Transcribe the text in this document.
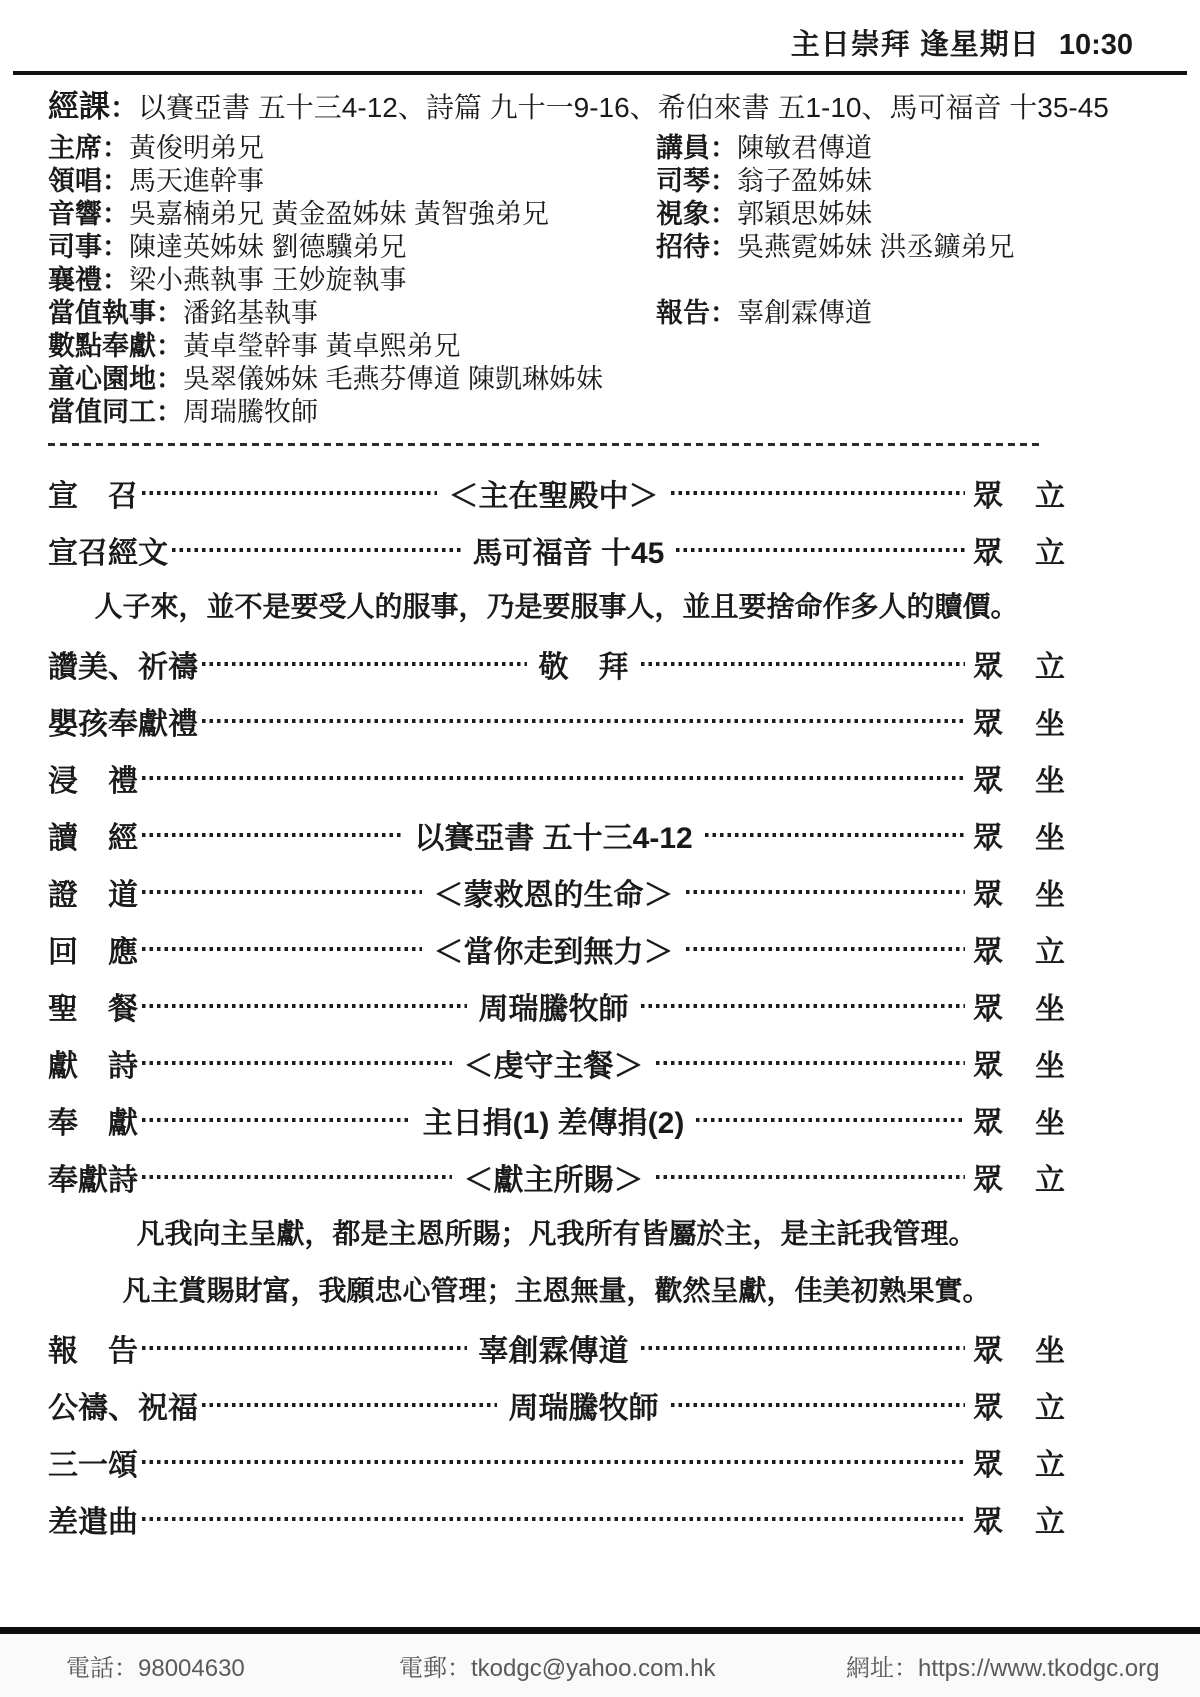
主日崇拜 逢星期日 10:30
經課：以賽亞書 五十三4-12、詩篇 九十一9-16、希伯來書 五1-10、馬可福音 十35-45
主席：黃俊明弟兄	講員：陳敏君傳道
領唱：馬天進幹事	司琴：翁子盈姊妹
音響：吳嘉楠弟兄 黃金盈姊妹 黃智強弟兄	視象：郭穎思姊妹
司事：陳達英姊妹 劉德驥弟兄	招待：吳燕霓姊妹 洪丞鑛弟兄
襄禮：梁小燕執事 王妙旋執事
當值執事：潘銘基執事	報告：辜創霖傳道
數點奉獻：黃卓瑩幹事 黃卓熙弟兄
童心園地：吳翠儀姊妹 毛燕芬傳道 陳凱琳姊妹
當值同工：周瑞騰牧師
宣　召	＜主在聖殿中＞	眾 立
宣召經文	馬可福音 十45	眾 立
人子來，並不是要受人的服事，乃是要服事人，並且要捨命作多人的贖價。
讚美、祈禱	敬　拜	眾 立
嬰孩奉獻禮	眾 坐
浸　禮	眾 坐
讀　經	以賽亞書 五十三4-12	眾 坐
證　道	＜蒙救恩的生命＞	眾 坐
回　應	＜當你走到無力＞	眾 立
聖　餐	周瑞騰牧師	眾 坐
獻　詩	＜虔守主餐＞	眾 坐
奉　獻	主日捐(1) 差傳捐(2)	眾 坐
奉獻詩	＜獻主所賜＞	眾 立
凡我向主呈獻，都是主恩所賜；凡我所有皆屬於主，是主託我管理。
凡主賞賜財富，我願忠心管理；主恩無量，歡然呈獻，佳美初熟果實。
報　告	辜創霖傳道	眾 坐
公禱、祝福	周瑞騰牧師	眾 立
三一頌	眾 立
差遣曲	眾 立
電話：98004630	電郵：tkodgc@yahoo.com.hk	網址：https://www.tkodgc.org
